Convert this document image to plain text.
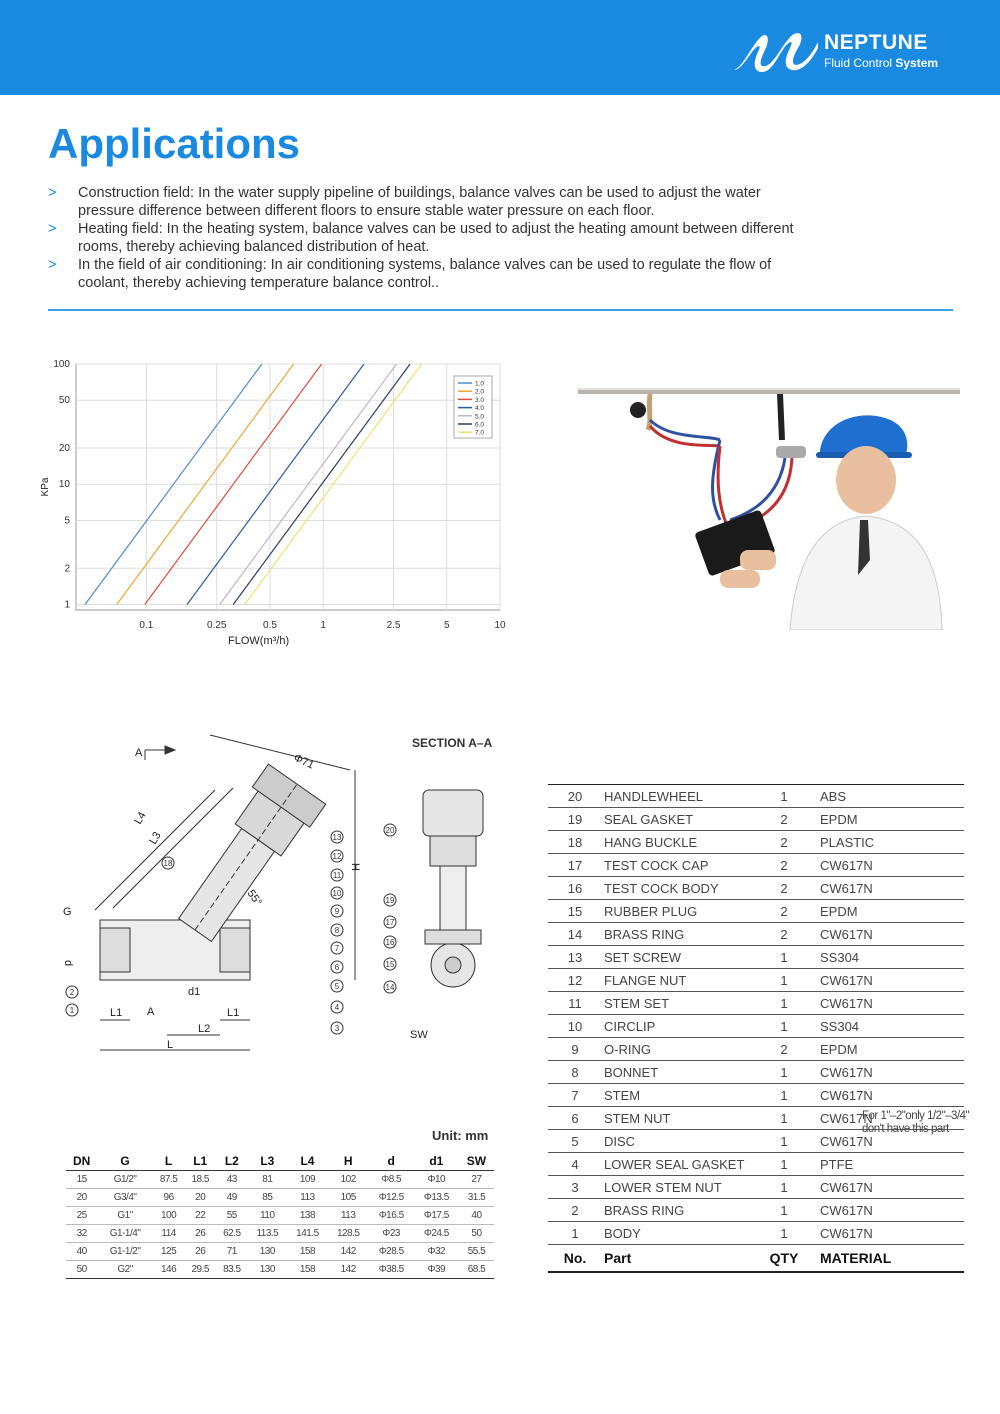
NEPTUNE
Fluid Control System
Applications
>	Construction field: In the water supply pipeline of buildings, balance valves can be used to adjust the water pressure difference between different floors to ensure stable water pressure on each floor.
>	Heating field: In the heating system, balance valves can be used to adjust the heating amount between different rooms, thereby achieving balanced distribution of heat.
>	In the field of air conditioning: In air conditioning systems, balance valves can be used to regulate the flow of coolant, thereby achieving temperature balance control..
0.1	0.25	0.5	1	2.5	5	10
1
2
5
10
20
50
100
1.0
2.0
3.0
4.0
5.0
6.0
7.0
FLOW(m³/h)
KPa
A
A
L4
L3
Φ71
H
G
d
d1
L1	L1
L2
L
55°
SW
13
12
11
10
9
8
7
6
5
4
3
18
2
1
20
19
17
16
15
14
SECTION A–A
Unit: mm
DN	G	L	L1	L2	L3	L4	H	d	d1	SW
15	G1/2"	87.5	18.5	43	81	109	102	Φ8.5	Φ10	27
20	G3/4"	96	20	49	85	113	105	Φ12.5	Φ13.5	31.5
25	G1"	100	22	55	110	138	113	Φ16.5	Φ17.5	40
32	G1-1/4"	114	26	62.5	113.5	141.5	128.5	Φ23	Φ24.5	50
40	G1-1/2"	125	26	71	130	158	142	Φ28.5	Φ32	55.5
50	G2"	146	29.5	83.5	130	158	142	Φ38.5	Φ39	68.5
20	HANDLEWHEEL	1	ABS
19	SEAL GASKET	2	EPDM
18	HANG BUCKLE	2	PLASTIC
17	TEST COCK CAP	2	CW617N
16	TEST COCK BODY	2	CW617N
15	RUBBER PLUG	2	EPDM
14	BRASS RING	2	CW617N
13	SET SCREW	1	SS304
12	FLANGE NUT	1	CW617N
11	STEM SET	1	CW617N
10	CIRCLIP	1	SS304
9	O-RING	2	EPDM
8	BONNET	1	CW617N
7	STEM	1	CW617N
6	STEM NUT	1	CW617N
5	DISC	1	CW617N
4	LOWER SEAL GASKET	1	PTFE
3	LOWER STEM NUT	1	CW617N
2	BRASS RING	1	CW617N
1	BODY	1	CW617N
No.	Part	QTY	MATERIAL
For 1"–2"only 1/2"–3/4" don't have this part
